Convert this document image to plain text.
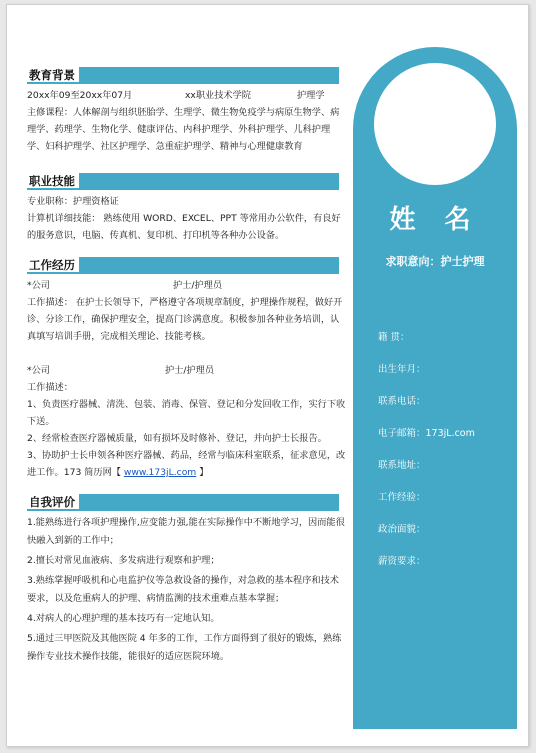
教育背景
20xx年09至20xx年07月	xx职业技术学院	护理学
主修课程：人体解剖与组织胚胎学、生理学、微生物免疫学与病原生物学、病理学、药理学、生物化学、健康评估、内科护理学、外科护理学、儿科护理学、妇科护理学、社区护理学、急重症护理学、精神与心理健康教育
职业技能
专业职称：护理资格证
计算机详细技能： 熟练使用 WORD、EXCEL、PPT 等常用办公软件，有良好的服务意识，电脑、传真机、复印机、打印机等各种办公设备。
工作经历
*公司	护士/护理员
工作描述： 在护士长领导下，严格遵守各项规章制度，护理操作规程，做好开诊、分诊工作，确保护理安全，提高门诊满意度。积极参加各种业务培训，认真填写培训手册，完成相关理论、技能考核。
*公司	护士/护理员
工作描述：
1、负责医疗器械、清洗、包装、消毒、保管、登记和分发回收工作，实行下收下送。
2、经常检查医疗器械质量，如有损坏及时修补、登记，并向护士长报告。
3、协助护士长申领各种医疗器械、药品，经常与临床科室联系，征求意见，改进工作。173 简历网【 www.173jL.com 】
自我评价
1.能熟练进行各项护理操作,应变能力强,能在实际操作中不断地学习，因而能很快融入到新的工作中；
2.擅长对常见血液病、多发病进行观察和护理；
3.熟练掌握呼吸机和心电监护仪等急救设备的操作，对急救的基本程序和技术要求，以及危重病人的护理、病情监测的技术重难点基本掌握；
4.对病人的心理护理的基本技巧有一定地认知。
5.通过三甲医院及其他医院 4 年多的工作，工作方面得到了很好的锻炼，熟练操作专业技术操作技能，能很好的适应医院环境。
姓 名
求职意向：护士护理
籍 贯：
出生年月：
联系电话：
电子邮箱：173jL.com
联系地址：
工作经验：
政治面貌：
薪资要求：
